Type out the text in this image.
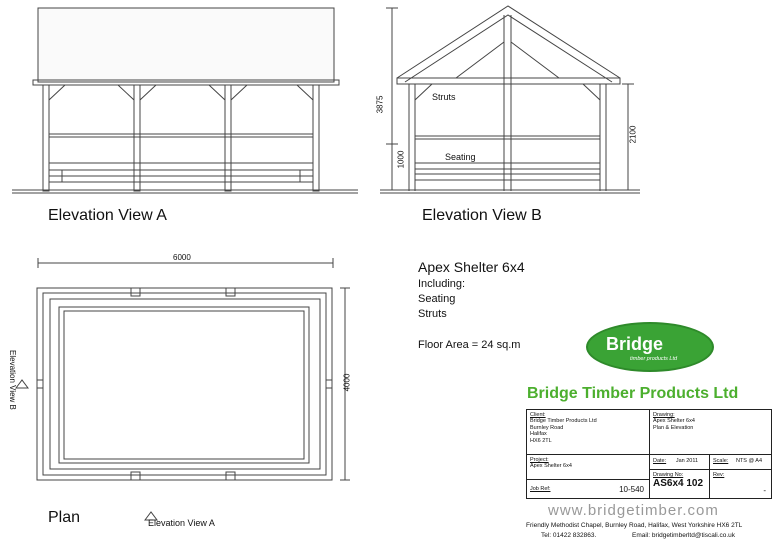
Elevation View A	Elevation View B
Plan
Struts
Seating
Elevation View B
Elevation View A
3875
1000
2100
6000
4000
Apex Shelter 6x4
Including:
Seating
Struts
Floor Area = 24 sq.m	Bridge
timber products Ltd
Bridge Timber Products Ltd
Client:
Bridge Timber Products Ltd
Burnley Road
Halifax
HX6 2TL
Project:
Apex Shelter 6x4
Job Ref:	10-540
Drawing:
Apex Shelter 6x4
Plan & Elevation
Date: Jan 2011	Scale: NTS @ A4
Drawing No:
AS6x4 102
Rev:
-
www.bridgetimber.com
Friendly Methodist Chapel, Burnley Road, Halifax, West Yorkshire HX6 2TL
Tel: 01422 832863.	Email: bridgetimberltd@tiscali.co.uk
